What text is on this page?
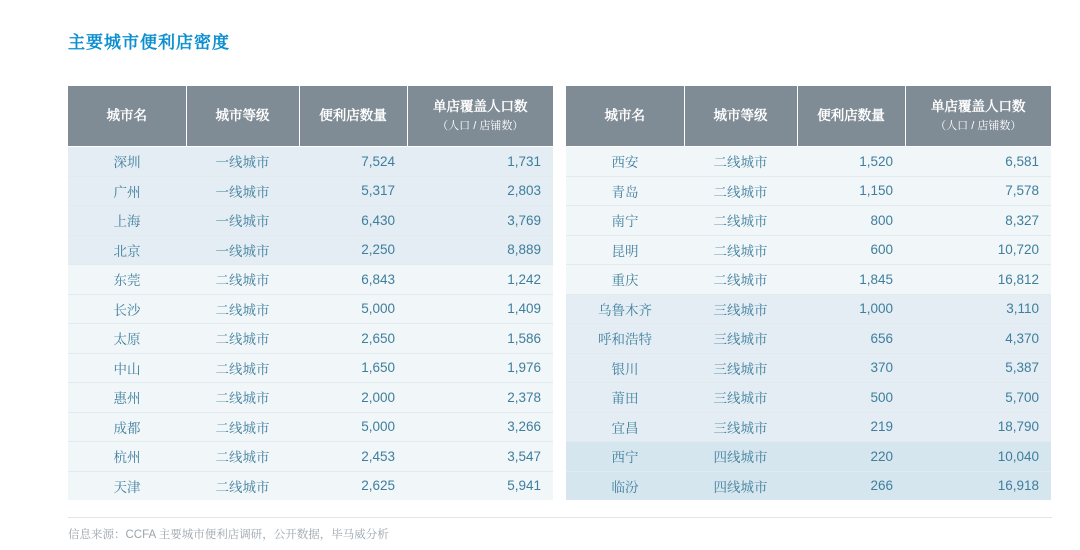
主要城市便利店密度
城市名	城市等级	便利店数量	单店覆盖人口数
（人口 / 店铺数）

深圳	一线城市	7,524	1,731
广州	一线城市	5,317	2,803
上海	一线城市	6,430	3,769
北京	一线城市	2,250	8,889
东莞	二线城市	6,843	1,242
长沙	二线城市	5,000	1,409
太原	二线城市	2,650	1,586
中山	二线城市	1,650	1,976
惠州	二线城市	2,000	2,378
成都	二线城市	5,000	3,266
杭州	二线城市	2,453	3,547
天津	二线城市	2,625	5,941
城市名	城市等级	便利店数量	单店覆盖人口数
（人口 / 店铺数）

西安	二线城市	1,520	6,581
青岛	二线城市	1,150	7,578
南宁	二线城市	800	8,327
昆明	二线城市	600	10,720
重庆	二线城市	1,845	16,812
乌鲁木齐	三线城市	1,000	3,110
呼和浩特	三线城市	656	4,370
银川	三线城市	370	5,387
莆田	三线城市	500	5,700
宜昌	三线城市	219	18,790
西宁	四线城市	220	10,040
临汾	四线城市	266	16,918
信息来源：CCFA 主要城市便利店调研，公开数据，毕马威分析
